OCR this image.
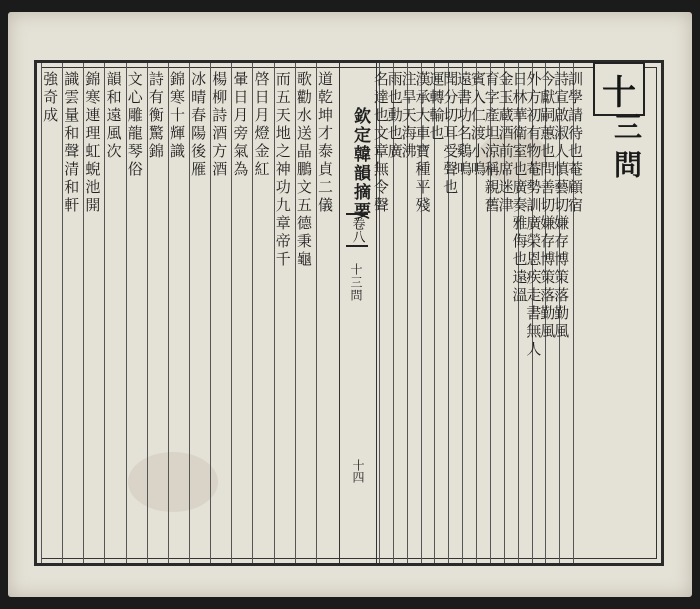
道乾坤才泰貞二儀
歌勸水送晶鵬文五德秉龜
而五天地之神功九章帝千
啓日月燈金紅
暈日月旁氣為
楊柳詩酒方酒
冰晴春陽後雁
錦寒十輝識
詩有衡驚錦
文心雕龍琴俗
韻和遠風次
錦寒連理虹蜺池開
識雲量和聲清和軒
強奇成
欽定韓韻摘要
卷八
十三問
十四
訓學請待也菴顧宿
詩宣啟淑人慎藝切嫌存博策落勤風
今獻嗣蕙也問善切嫌存博策落勤風
外方初有物菴勢訓廣榮恩疾走書無人
日林華衛室也廣奏雅侮也遠溫
金玉蔵酒前席迷津
育字產坦涼稱親舊
賓入仁渡小鳴
遠書功名鷄鳴
聞分切耳受聲也
運轉輸也
漢承大車寶種平殘
注旱天海沸
雨也動也廣
名達也文章無令聲	十
三問
